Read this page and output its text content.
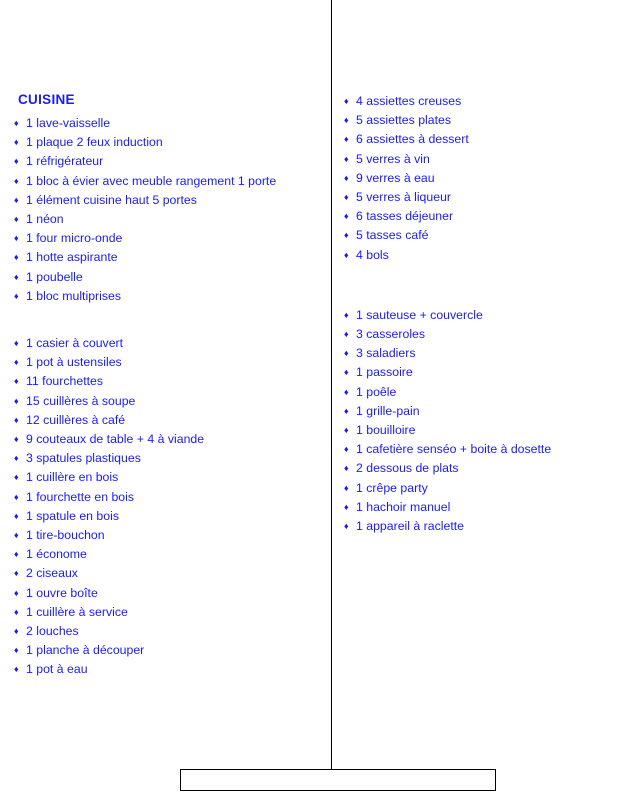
CUISINE
♦ 1 lave-vaisselle
♦ 1 plaque 2 feux induction
♦ 1 réfrigérateur
♦ 1 bloc à évier avec meuble rangement 1 porte
♦ 1 élément cuisine haut 5 portes
♦ 1 néon
♦ 1 four micro-onde
♦ 1 hotte aspirante
♦ 1 poubelle
♦ 1 bloc multiprises
♦ 1 casier à couvert
♦ 1 pot à ustensiles
♦ 11 fourchettes
♦ 15 cuillères à soupe
♦ 12 cuillères à café
♦ 9 couteaux de table + 4 à viande
♦ 3 spatules plastiques
♦ 1 cuillère en bois
♦ 1 fourchette en bois
♦ 1 spatule en bois
♦ 1 tire-bouchon
♦ 1 économe
♦ 2 ciseaux
♦ 1 ouvre boîte
♦ 1 cuillère à service
♦ 2 louches
♦ 1 planche à découper
♦ 1 pot à eau
♦ 4 assiettes creuses
♦ 5 assiettes plates
♦ 6 assiettes à dessert
♦ 5 verres à vin
♦ 9 verres à eau
♦ 5 verres à liqueur
♦ 6 tasses déjeuner
♦ 5 tasses café
♦ 4 bols
♦ 1 sauteuse + couvercle
♦ 3 casseroles
♦ 3 saladiers
♦ 1 passoire
♦ 1 poêle
♦ 1 grille-pain
♦ 1 bouilloire
♦ 1 cafetière senséo + boite à dosette
♦ 2 dessous de plats
♦ 1 crêpe party
♦ 1 hachoir manuel
♦ 1 appareil à raclette
